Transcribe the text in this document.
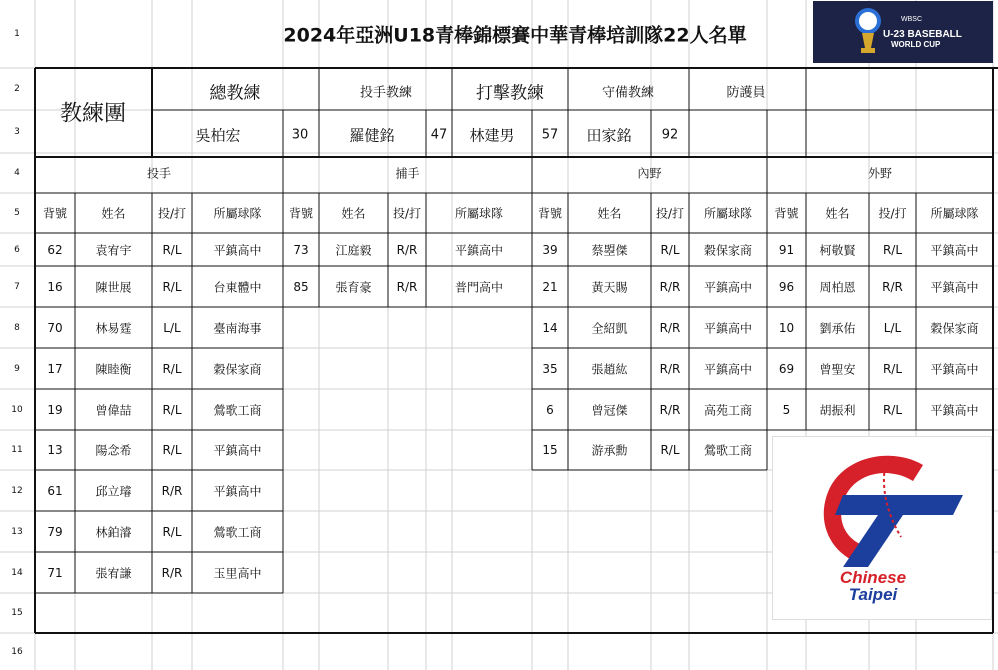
1
2
3
4
5
6
7
8
9
10
11
12
13
14
15
16
投手
背號	姓名	投/打 所屬球隊
62	袁宥宇	R/L	平鎮高中
16	陳世展	R/L	台東體中
70	林易霆	L/L	臺南海事
17	陳睦衡	R/L	穀保家商
19	曾偉喆	R/L	鶯歌工商
13	陽念希	R/L	平鎮高中
61	邱立璿	R/R	平鎮高中
79	林鉑濬	R/L	鶯歌工商
71	張宥謙	R/R	玉里高中
捕手
背號 姓名 投/打	所屬球隊
73 江庭毅 R/R	平鎮高中
85 張育豪 R/R	普門高中
內野
背號	姓名	投/打 所屬球隊
39	蔡曌傑	R/L 穀保家商
21	黃天賜	R/R 平鎮高中
14	全紹凱	R/R 平鎮高中
35	張趙紘	R/R 平鎮高中
6	曾冠傑	R/R 高苑工商
15	游承勳	R/L 鶯歌工商
外野
背號 姓名 投/打 所屬球隊
91 柯敬賢 R/L 平鎮高中
96 周柏恩 R/R 平鎮高中
10 劉承佑 L/L 穀保家商
69 曾聖安 R/L 平鎮高中
5 胡振利 R/L 平鎮高中
2024年亞洲U18青棒錦標賽中華青棒培訓隊22人名單
教練團
總教練
吳柏宏	30
投手教練
羅健銘	47
打擊教練
林建男 57
守備教練
田家銘 92
防護員
WBSC
U-23 BASEBALL
WORLD CUP
Chinese
Taipei
